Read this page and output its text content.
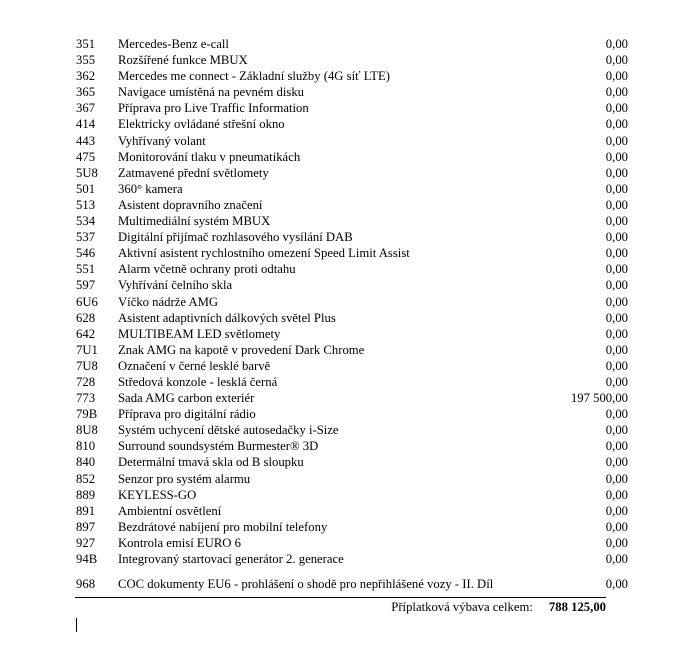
351	Mercedes-Benz e-call	0,00
355	Rozšířené funkce MBUX	0,00
362	Mercedes me connect - Základní služby (4G síť LTE)	0,00
365	Navigace umístěná na pevném disku	0,00
367	Příprava pro Live Traffic Information	0,00
414	Elektricky ovládané střešní okno	0,00
443	Vyhřívaný volant	0,00
475	Monitorování tlaku v pneumatikách	0,00
5U8	Zatmavené přední světlomety	0,00
501	360° kamera	0,00
513	Asistent dopravního značení	0,00
534	Multimediální systém MBUX	0,00
537	Digitální přijímač rozhlasového vysílání DAB	0,00
546	Aktivní asistent rychlostního omezení Speed Limit Assist	0,00
551	Alarm včetně ochrany proti odtahu	0,00
597	Vyhřívání čelního skla	0,00
6U6	Víčko nádrže AMG	0,00
628	Asistent adaptivních dálkových světel Plus	0,00
642	MULTIBEAM LED světlomety	0,00
7U1	Znak AMG na kapotě v provedení Dark Chrome	0,00
7U8	Označení v černé lesklé barvě	0,00
728	Středová konzole - lesklá černá	0,00
773	Sada AMG carbon exteriér	197 500,00
79B	Příprava pro digitální rádio	0,00
8U8	Systém uchycení dětské autosedačky i-Size	0,00
810	Surround soundsystém Burmester® 3D	0,00
840	Determální tmavá skla od B sloupku	0,00
852	Senzor pro systém alarmu	0,00
889	KEYLESS-GO	0,00
891	Ambientní osvětlení	0,00
897	Bezdrátové nabíjení pro mobilní telefony	0,00
927	Kontrola emisí EURO 6	0,00
94B	Integrovaný startovací generátor 2. generace	0,00
968	COC dokumenty EU6 - prohlášení o shodě pro nepřihlášené vozy - II. Díl	0,00
Příplatková výbava celkem: 788 125,00
